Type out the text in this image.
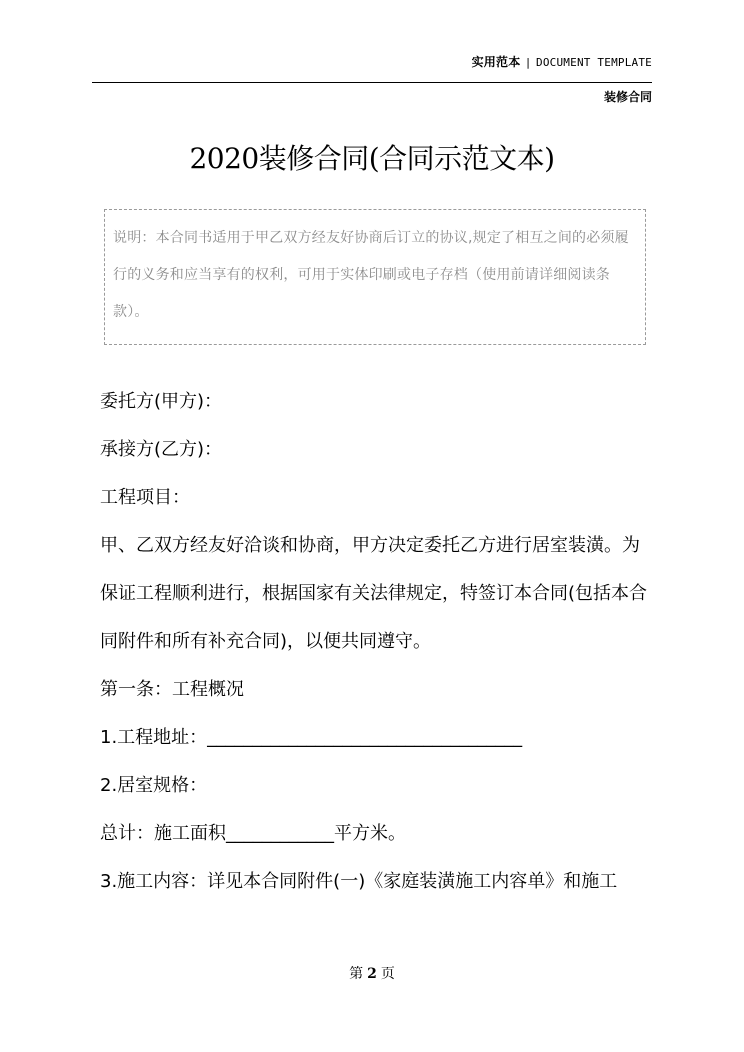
实用范本 | DOCUMENT TEMPLATE
装修合同
2020装修合同(合同示范文本)
说明：本合同书适用于甲乙双方经友好协商后订立的协议,规定了相互之间的必须履行的义务和应当享有的权利，可用于实体印刷或电子存档（使用前请详细阅读条款）。

委托方(甲方)：

承接方(乙方)：

工程项目：

甲、乙双方经友好洽谈和协商，甲方决定委托乙方进行居室装潢。为保证工程顺利进行，根据国家有关法律规定，特签订本合同(包括本合同附件和所有补充合同)，以便共同遵守。

第一条：工程概况

1.工程地址：___________________________________

2.居室规格：

总计：施工面积____________平方米。

3.施工内容：详见本合同附件(一)《家庭装潢施工内容单》和施工

第 2 页
